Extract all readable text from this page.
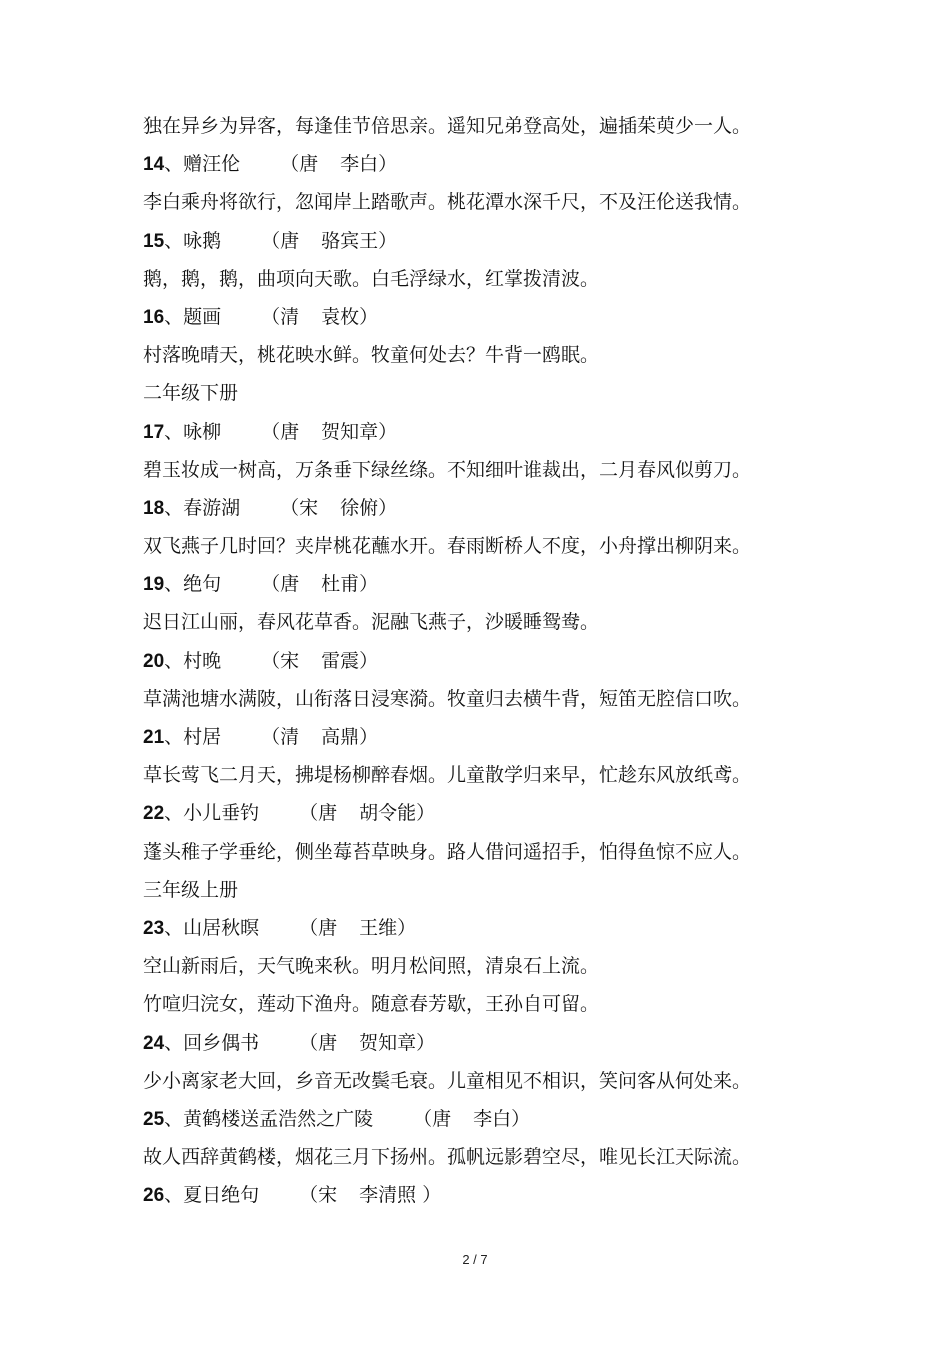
独在异乡为异客，每逢佳节倍思亲。遥知兄弟登高处，遍插茱萸少一人。
14、赠汪伦 （唐 李白）
李白乘舟将欲行，忽闻岸上踏歌声。桃花潭水深千尺，不及汪伦送我情。
15、咏鹅 （唐 骆宾王）
鹅，鹅，鹅，曲项向天歌。白毛浮绿水，红掌拨清波。
16、题画 （清 袁枚）
村落晚晴天，桃花映水鲜。牧童何处去？牛背一鸥眠。
二年级下册
17、咏柳 （唐 贺知章）
碧玉妆成一树高，万条垂下绿丝绦。不知细叶谁裁出，二月春风似剪刀。
18、春游湖 （宋 徐俯）
双飞燕子几时回？夹岸桃花蘸水开。春雨断桥人不度，小舟撑出柳阴来。
19、绝句 （唐 杜甫）
迟日江山丽，春风花草香。泥融飞燕子，沙暖睡鸳鸯。
20、村晚 （宋 雷震）
草满池塘水满陂，山衔落日浸寒漪。牧童归去横牛背，短笛无腔信口吹。
21、村居 （清 高鼎）
草长莺飞二月天，拂堤杨柳醉春烟。儿童散学归来早，忙趁东风放纸鸢。
22、小儿垂钓 （唐 胡令能）
蓬头稚子学垂纶，侧坐莓苔草映身。路人借问遥招手，怕得鱼惊不应人。
三年级上册
23、山居秋暝 （唐 王维）
空山新雨后，天气晚来秋。明月松间照，清泉石上流。
竹喧归浣女，莲动下渔舟。随意春芳歇，王孙自可留。
24、回乡偶书 （唐 贺知章）
少小离家老大回，乡音无改鬓毛衰。儿童相见不相识，笑问客从何处来。
25、黄鹤楼送孟浩然之广陵 （唐 李白）
故人西辞黄鹤楼，烟花三月下扬州。孤帆远影碧空尽，唯见长江天际流。
26、夏日绝句 （宋 李清照 ）
2 / 7
